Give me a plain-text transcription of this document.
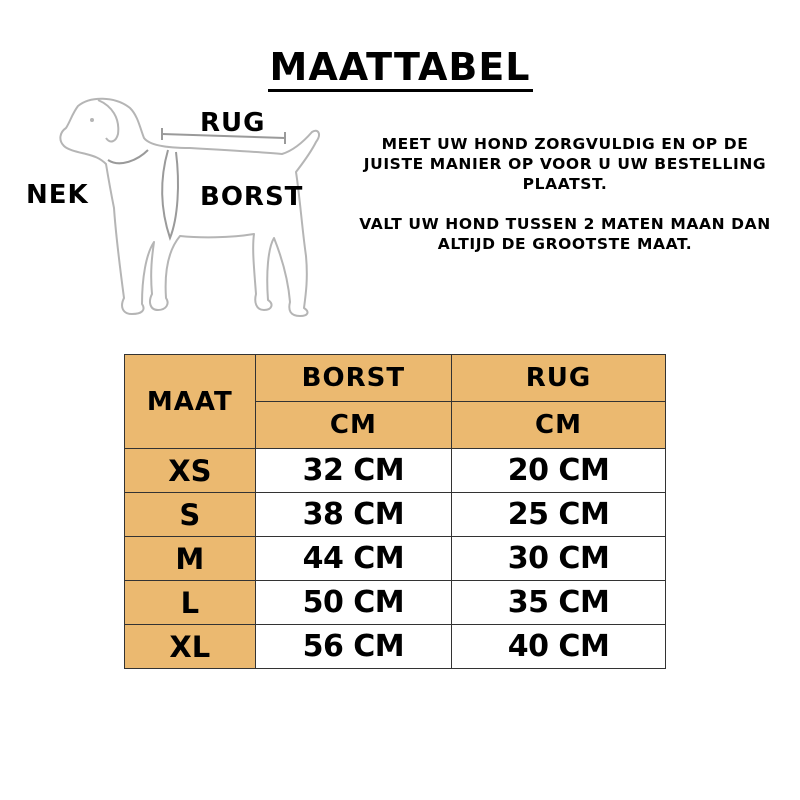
MAATTABEL
RUG
NEK	BORST

MEET UW HOND ZORGVULDIG EN OP DE JUISTE MANIER OP VOOR U UW BESTELLING PLAATST.

VALT UW HOND TUSSEN 2 MATEN MAAN DAN ALTIJD DE GROOTSTE MAAT.

MAAT	BORST	RUG
	CM	CM
XS	32 CM	20 CM
S	38 CM	25 CM
M	44 CM	30 CM
L	50 CM	35 CM
XL	56 CM	40 CM
